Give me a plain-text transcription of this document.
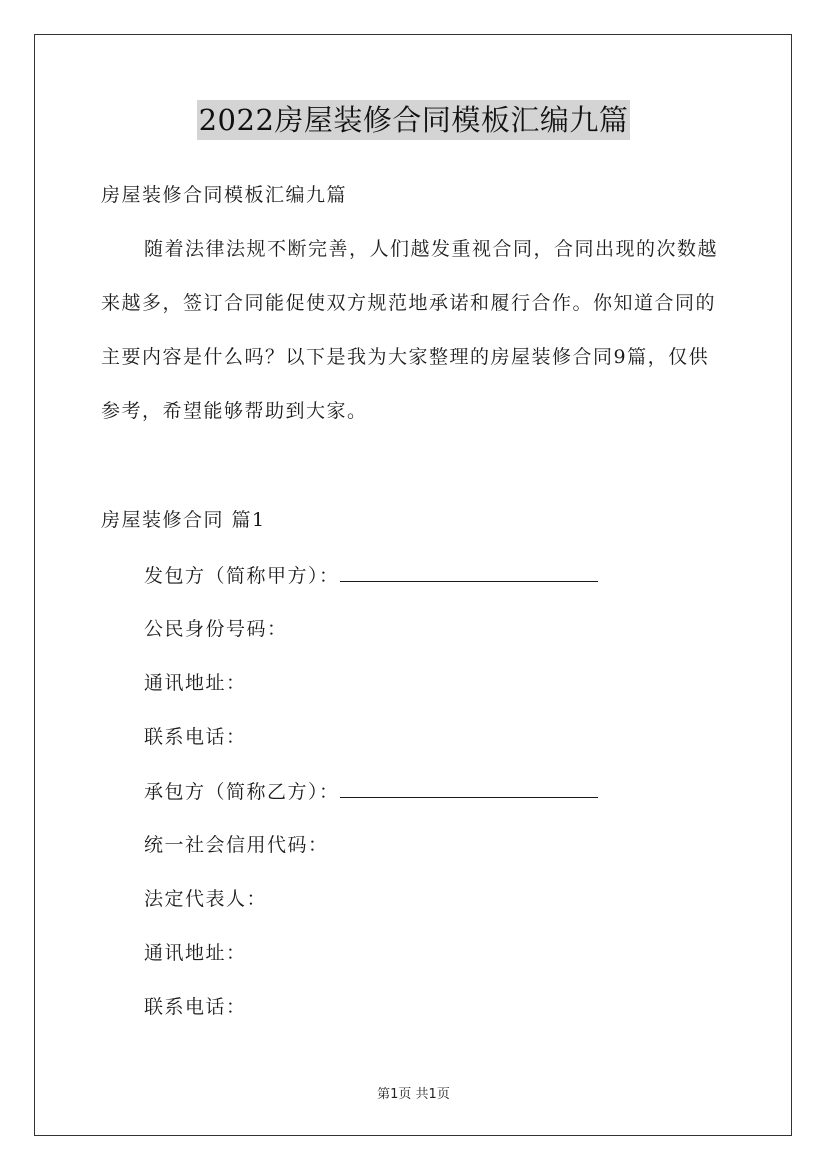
2022房屋装修合同模板汇编九篇
房屋装修合同模板汇编九篇
随着法律法规不断完善，人们越发重视合同，合同出现的次数越
来越多，签订合同能促使双方规范地承诺和履行合作。你知道合同的
主要内容是什么吗？以下是我为大家整理的房屋装修合同9篇，仅供
参考，希望能够帮助到大家。
房屋装修合同 篇1
发包方（简称甲方）：
公民身份号码：
通讯地址：
联系电话：
承包方（简称乙方）：
统一社会信用代码：
法定代表人：
通讯地址：
联系电话：
第1页 共1页
